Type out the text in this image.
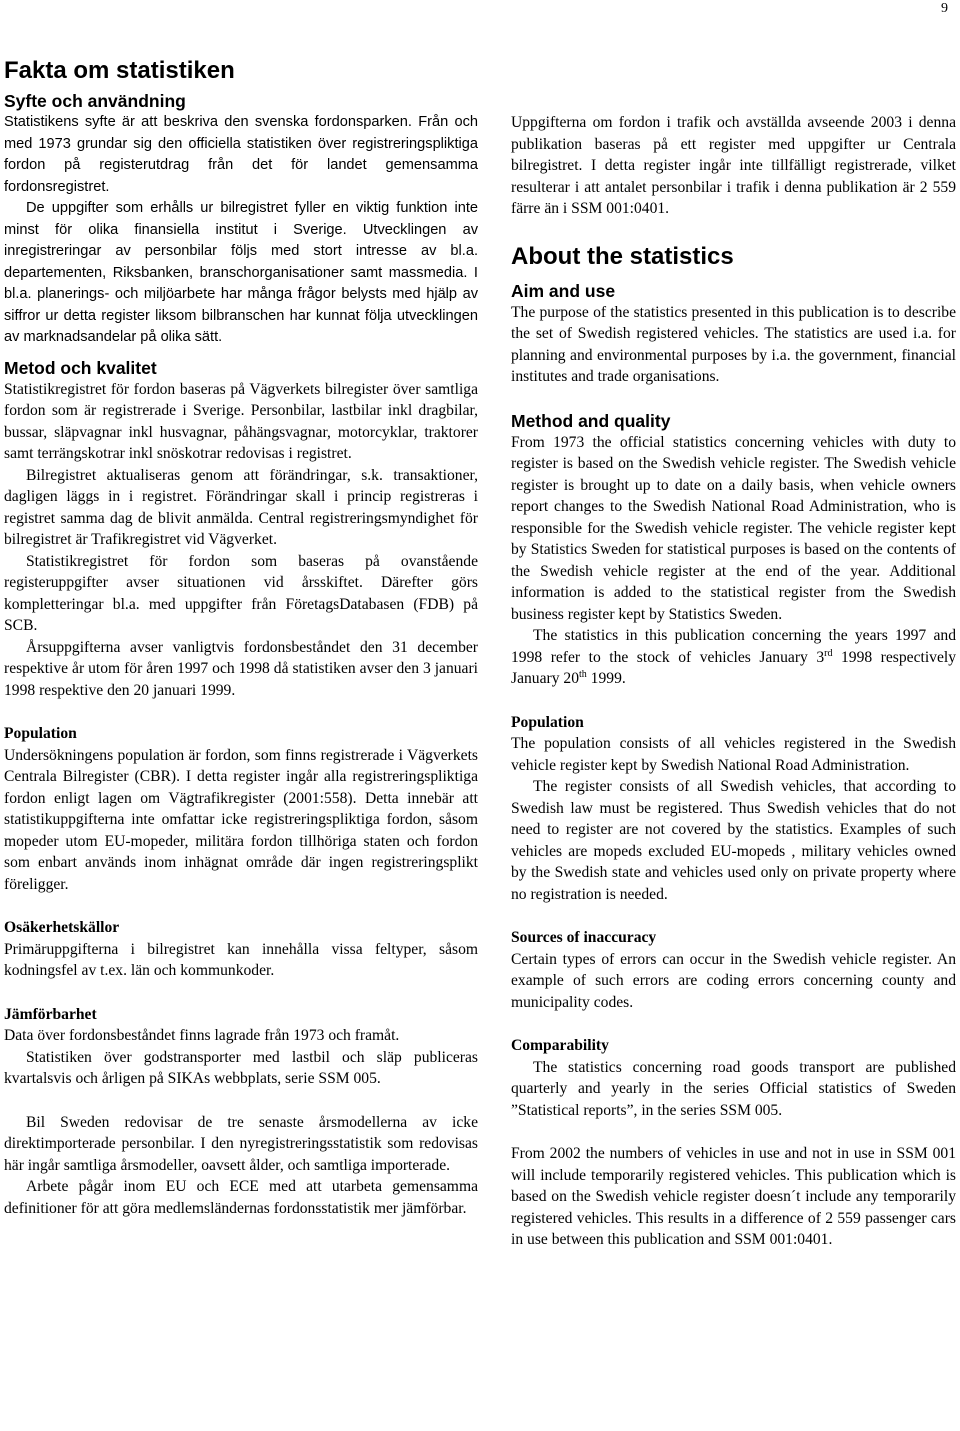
9
Fakta om statistiken
Syfte och användning

Statistikens syfte är att beskriva den svenska fordonsparken. Från och med 1973 grundar sig den officiella statistiken över registreringspliktiga fordon på registerutdrag från det för landet gemensamma fordonsregistret.

De uppgifter som erhålls ur bilregistret fyller en viktig funktion inte minst för olika finansiella institut i Sverige. Utvecklingen av inregistreringar av personbilar följs med stort intresse av bl.a. departementen, Riksbanken, branschorganisationer samt massmedia. I bl.a. planerings- och miljöarbete har många frågor belysts med hjälp av siffror ur detta register liksom bilbranschen har kunnat följa utvecklingen av marknadsandelar på olika sätt.

Metod och kvalitet

Statistikregistret för fordon baseras på Vägverkets bilregister över samtliga fordon som är registrerade i Sverige. Personbilar, lastbilar inkl dragbilar, bussar, släpvagnar inkl husvagnar, påhängsvagnar, motorcyklar, traktorer samt terrängskotrar inkl snöskotrar redovisas i registret.

Bilregistret aktualiseras genom att förändringar, s.k. transaktioner, dagligen läggs in i registret. Förändringar skall i princip registreras i registret samma dag de blivit anmälda. Central registreringsmyndighet för bilregistret är Trafikregistret vid Vägverket.

Statistikregistret för fordon som baseras på ovanstående registeruppgifter avser situationen vid årsskiftet. Därefter görs kompletteringar bl.a. med uppgifter från FöretagsDatabasen (FDB) på SCB.

Årsuppgifterna avser vanligtvis fordonsbeståndet den 31 december respektive år utom för åren 1997 och 1998 då statistiken avser den 3 januari 1998 respektive den 20 januari 1999.

Population

Undersökningens population är fordon, som finns registrerade i Vägverkets Centrala Bilregister (CBR). I detta register ingår alla registreringspliktiga fordon enligt lagen om Vägtrafikregister (2001:558). Detta innebär att statistikuppgifterna inte omfattar icke registreringspliktiga fordon, såsom mopeder utom EU-mopeder, militära fordon tillhöriga staten och fordon som enbart används inom inhägnat område där ingen registreringsplikt föreligger.

Osäkerhetskällor

Primäruppgifterna i bilregistret kan innehålla vissa feltyper, såsom kodningsfel av t.ex. län och kommunkoder.

Jämförbarhet

Data över fordonsbeståndet finns lagrade från 1973 och framåt.

Statistiken över godstransporter med lastbil och släp publiceras kvartalsvis och årligen på SIKAs webbplats, serie SSM 005.

Bil Sweden redovisar de tre senaste årsmodellerna av icke direktimporterade personbilar. I den nyregistreringsstatistik som redovisas här ingår samtliga årsmodeller, oavsett ålder, och samtliga importerade.

Arbete pågår inom EU och ECE med att utarbeta gemensamma definitioner för att göra medlemsländernas fordonsstatistik mer jämförbar.

Uppgifterna om fordon i trafik och avställda avseende 2003 i denna publikation baseras på ett register med uppgifter ur Centrala bilregistret. I detta register ingår inte tillfälligt registrerade, vilket resulterar i att antalet personbilar i trafik i denna publikation är 2 559 färre än i SSM 001:0401.

About the statistics
Aim and use

The purpose of the statistics presented in this publication is to describe the set of Swedish registered vehicles. The statistics are used i.a. for planning and environmental purposes by i.a. the government, financial institutes and trade organisations.

Method and quality

From 1973 the official statistics concerning vehicles with duty to register is based on the Swedish vehicle register. The Swedish vehicle register is brought up to date on a daily basis, when vehicle owners report changes to the Swedish National Road Administration, who is responsible for the Swedish vehicle register. The vehicle register kept by Statistics Sweden for statistical purposes is based on the contents of the Swedish vehicle register at the end of the year. Additional information is added to the statistical register from the Swedish business register kept by Statistics Sweden.

The statistics in this publication concerning the years 1997 and 1998 refer to the stock of vehicles January 3rd 1998 respectively January 20th 1999.

Population

The population consists of all vehicles registered in the Swedish vehicle register kept by Swedish National Road Administration.

The register consists of all Swedish vehicles, that according to Swedish law must be registered. Thus Swedish vehicles that do not need to register are not covered by the statistics. Examples of such vehicles are mopeds excluded EU-mopeds , military vehicles owned by the Swedish state and vehicles used only on private property where no registration is needed.

Sources of inaccuracy

Certain types of errors can occur in the Swedish vehicle register. An example of such errors are coding errors concerning county and municipality codes.

Comparability

The statistics concerning road goods transport are published quarterly and yearly in the series Official statistics of Sweden ”Statistical reports”, in the series SSM 005.

From 2002 the numbers of vehicles in use and not in use in SSM 001 will include temporarily registered vehicles. This publication which is based on the Swedish vehicle register doesn´t include any temporarily registered vehicles. This results in a difference of 2 559 passenger cars in use between this publication and SSM 001:0401.
